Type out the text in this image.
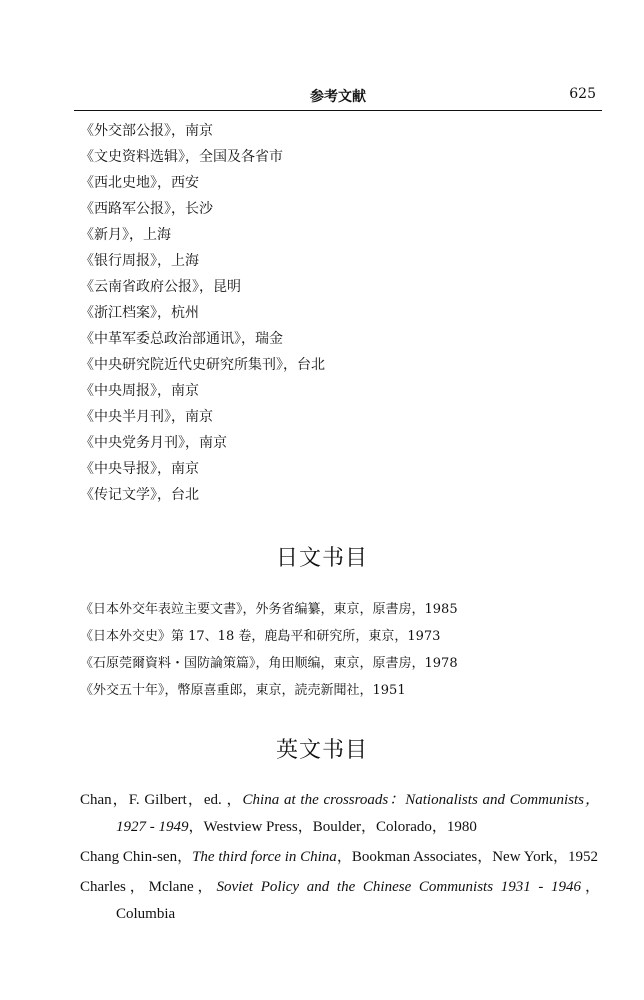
参考文献	625
《外交部公报》，南京
《文史资料选辑》，全国及各省市
《西北史地》，西安
《西路军公报》，长沙
《新月》，上海
《银行周报》，上海
《云南省政府公报》，昆明
《浙江档案》，杭州
《中革军委总政治部通讯》，瑞金
《中央研究院近代史研究所集刊》，台北
《中央周报》，南京
《中央半月刊》，南京
《中央党务月刊》，南京
《中央导报》，南京
《传记文学》，台北
日文书目
《日本外交年表竝主要文書》，外务省编纂，東京，原書房，1985
《日本外交史》第 17、18 卷，鹿島平和研究所，東京，1973
《石原莞爾資料・国防論策篇》，角田顺编，東京，原書房，1978
《外交五十年》，幣原喜重郎，東京，読売新聞社，1951
英文书目
Chan，F. Gilbert，ed. ，China at the crossroads：Nationalists and Communists，1927 - 1949，Westview Press，Boulder，Colorado，1980
Chang Chin-sen，The third force in China，Bookman Associates，New York，1952
Charles，Mclane，Soviet Policy and the Chinese Communists 1931 - 1946，Columbia
